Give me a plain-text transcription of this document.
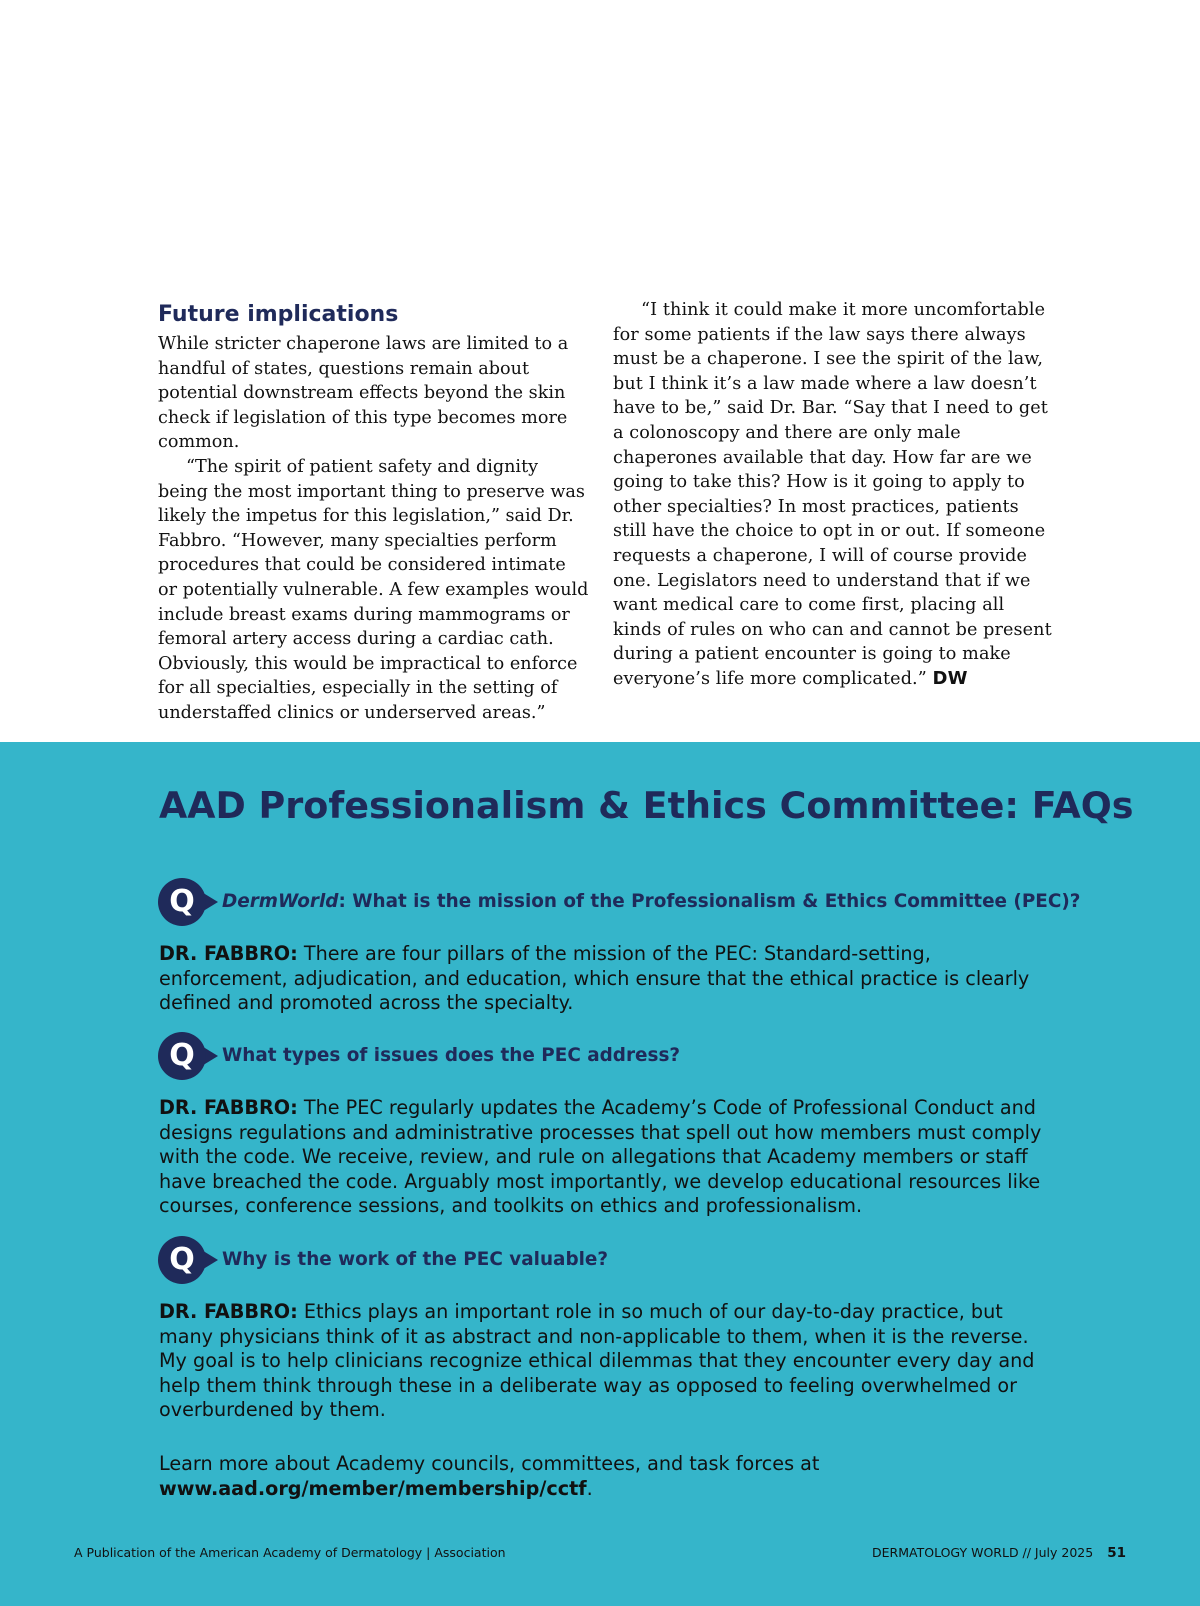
Future implications

While stricter chaperone laws are limited to a handful of states, questions remain about potential downstream effects beyond the skin check if legislation of this type becomes more common.

“The spirit of patient safety and dignity being the most important thing to preserve was likely the impetus for this legislation,” said Dr. Fabbro. “However, many specialties perform procedures that could be considered intimate or potentially vulnerable. A few examples would include breast exams during mammograms or femoral artery access during a cardiac cath. Obviously, this would be impractical to enforce for all specialties, especially in the setting of understaffed clinics or underserved areas.”

“I think it could make it more uncomfortable for some patients if the law says there always must be a chaperone. I see the spirit of the law, but I think it’s a law made where a law doesn’t have to be,” said Dr. Bar. “Say that I need to get a colonoscopy and there are only male chaperones available that day. How far are we going to take this? How is it going to apply to other specialties? In most practices, patients still have the choice to opt in or out. If someone requests a chaperone, I will of course provide one. Legislators need to understand that if we want medical care to come first, placing all kinds of rules on who can and cannot be present during a patient encounter is going to make everyone’s life more complicated.” DW

AAD Professionalism & Ethics Committee: FAQs
Q	DermWorld: What is the mission of the Professionalism & Ethics Committee (PEC)?

DR. FABBRO: There are four pillars of the mission of the PEC: Standard-setting, enforcement, adjudication, and education, which ensure that the ethical practice is clearly defined and promoted across the specialty.

Q	What types of issues does the PEC address?

DR. FABBRO: The PEC regularly updates the Academy’s Code of Professional Conduct and designs regulations and administrative processes that spell out how members must comply with the code. We receive, review, and rule on allegations that Academy members or staff have breached the code. Arguably most importantly, we develop educational resources like courses, conference sessions, and toolkits on ethics and professionalism.

Q	Why is the work of the PEC valuable?

DR. FABBRO: Ethics plays an important role in so much of our day-to-day practice, but many physicians think of it as abstract and non-applicable to them, when it is the reverse. My goal is to help clinicians recognize ethical dilemmas that they encounter every day and help them think through these in a deliberate way as opposed to feeling overwhelmed or overburdened by them.

Learn more about Academy councils, committees, and task forces at www.aad.org/member/membership/cctf.

A Publication of the American Academy of Dermatology | Association	DERMATOLOGY WORLD // July 2025 51
